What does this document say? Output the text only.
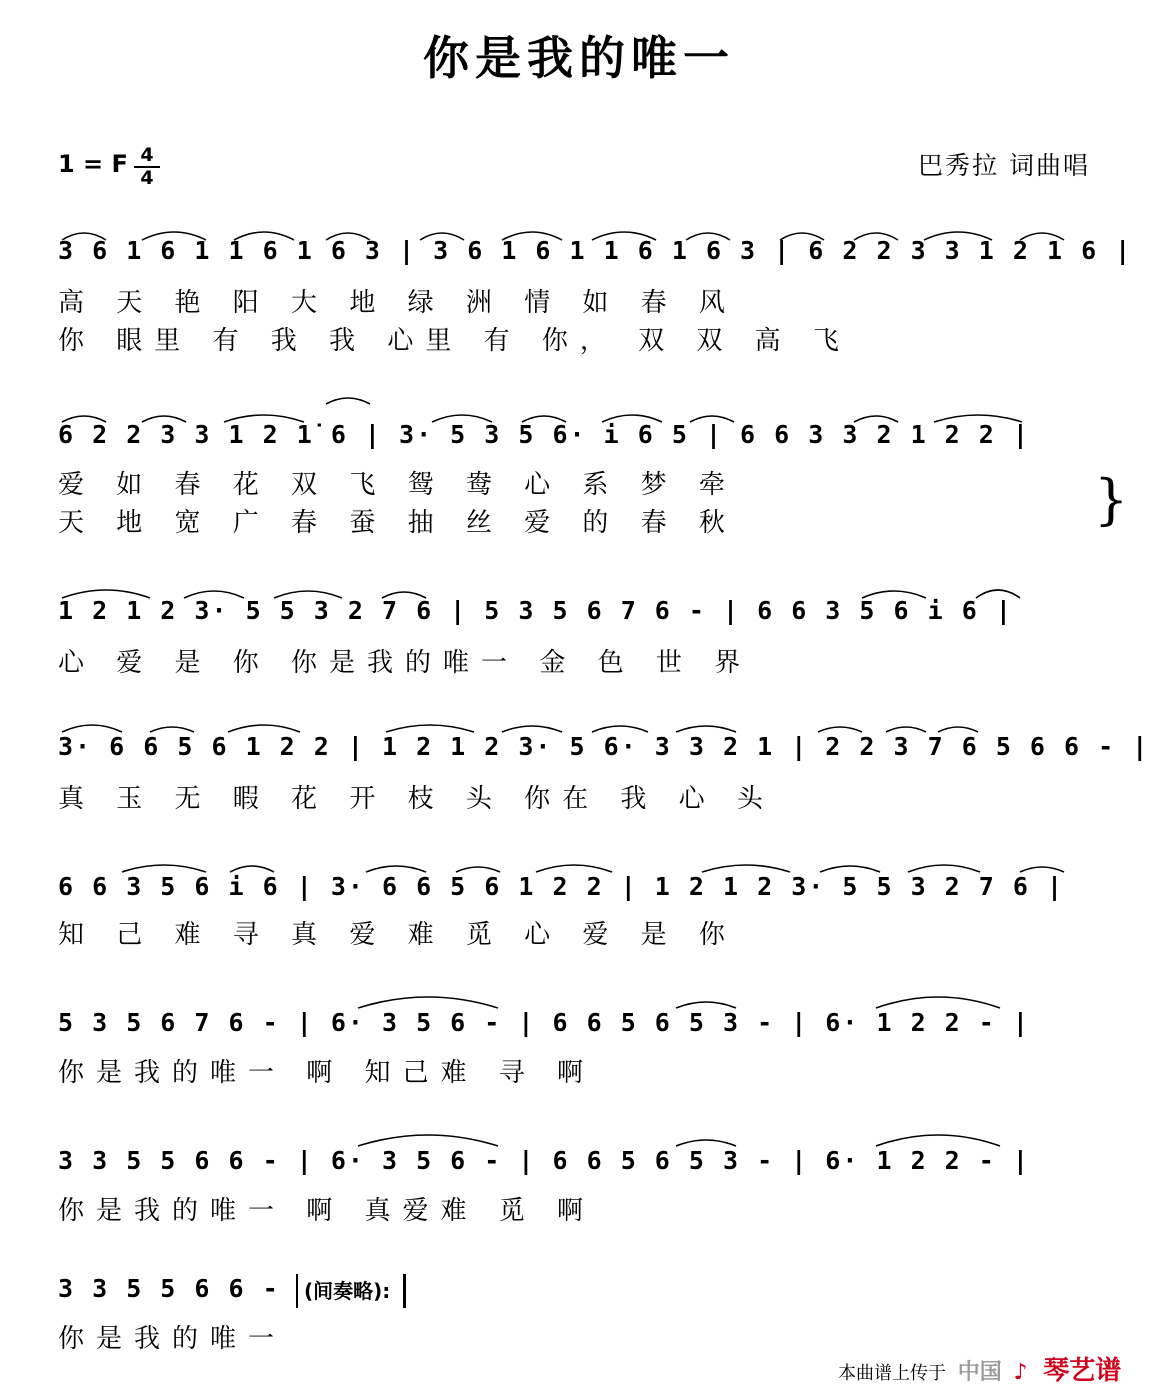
你是我的唯一
1 = F 4
4	巴秀拉 词曲唱
3 6 1 6 1 1 6 1 6 3 | 3 6 1 6 1 1 6 1 6 3 | 6 2 2 3 3 1 2 1 6 |
高 天 艳 阳 大 地 绿 洲 情 如 春 风
你 眼里 有 我 我 心里 有 你， 双 双 高 飞
6 2 2 3 3 1 2 1̇ 6 | 3· 5 3 5 6· i 6 5 | 6 6 3 3 2 1 2 2 |
爱 如 春 花 双 飞 鸳 鸯 心 系 梦 牵
天 地 宽 广 春 蚕 抽 丝 爱 的 春 秋	}
1 2 1 2 3· 5 5 3 2 7 6 | 5 3 5 6 7 6 - | 6 6 3 5 6 i 6 |
心 爱 是 你 你是我的唯一 金 色 世 界
3· 6 6 5 6 1 2 2 | 1 2 1 2 3· 5 6· 3 3 2 1 | 2 2 3 7 6 5 6 6 - |
真 玉 无 暇 花 开 枝 头 你在 我 心 头
6 6 3 5 6 i 6 | 3· 6 6 5 6 1 2 2 | 1 2 1 2 3· 5 5 3 2 7 6 |
知 己 难 寻 真 爱 难 觅 心 爱 是 你
5 3 5 6 7 6 - | 6· 3 5 6 - | 6 6 5 6 5 3 - | 6· 1 2 2 - |
你是我的唯一 啊 知己难 寻 啊
3 3 5 5 6 6 - | 6· 3 5 6 - | 6 6 5 6 5 3 - | 6· 1 2 2 - |
你是我的唯一 啊 真爱难 觅 啊
3 3 5 5 6 6 -	(间奏略):
你是我的唯一
本曲谱上传于 中国 ♪ 琴艺谱
